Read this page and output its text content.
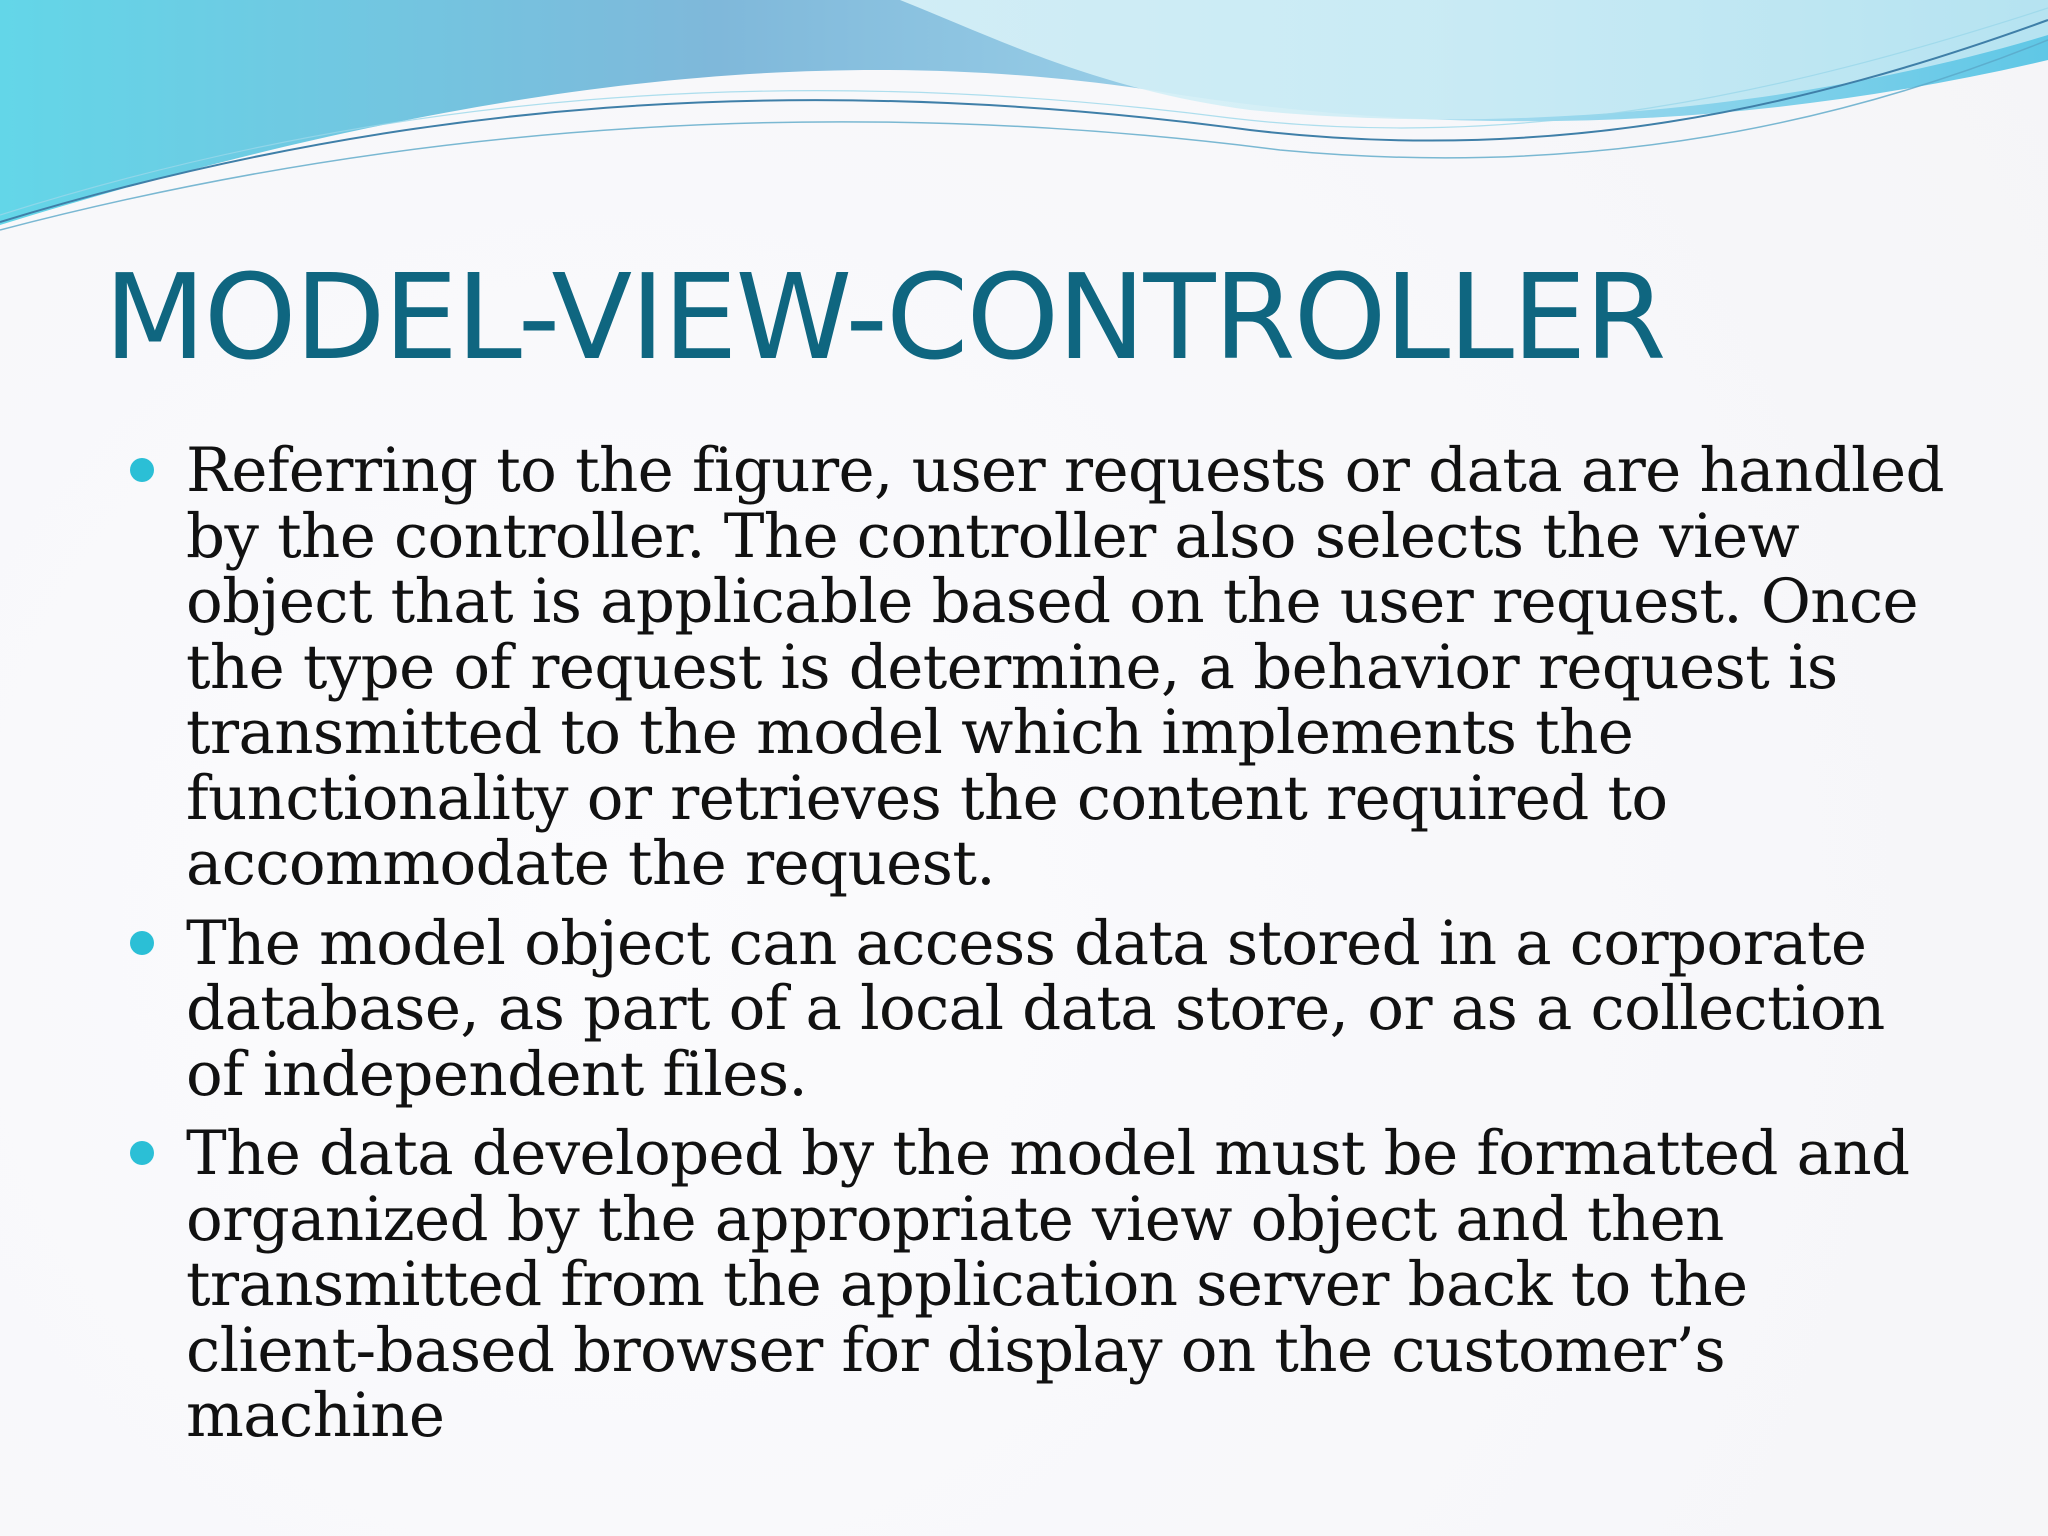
MODEL-VIEW-CONTROLLER
Referring to the figure, user requests or data are handled by the controller. The controller also selects the view object that is applicable based on the user request. Once the type of request is determine, a behavior request is transmitted to the model which implements the functionality or retrieves the content required to accommodate the request.
The model object can access data stored in a corporate database, as part of a local data store, or as a collection of independent files.
The data developed by the model must be formatted and organized by the appropriate view object and then transmitted from the application server back to the client-based browser for display on the customer’s machine
